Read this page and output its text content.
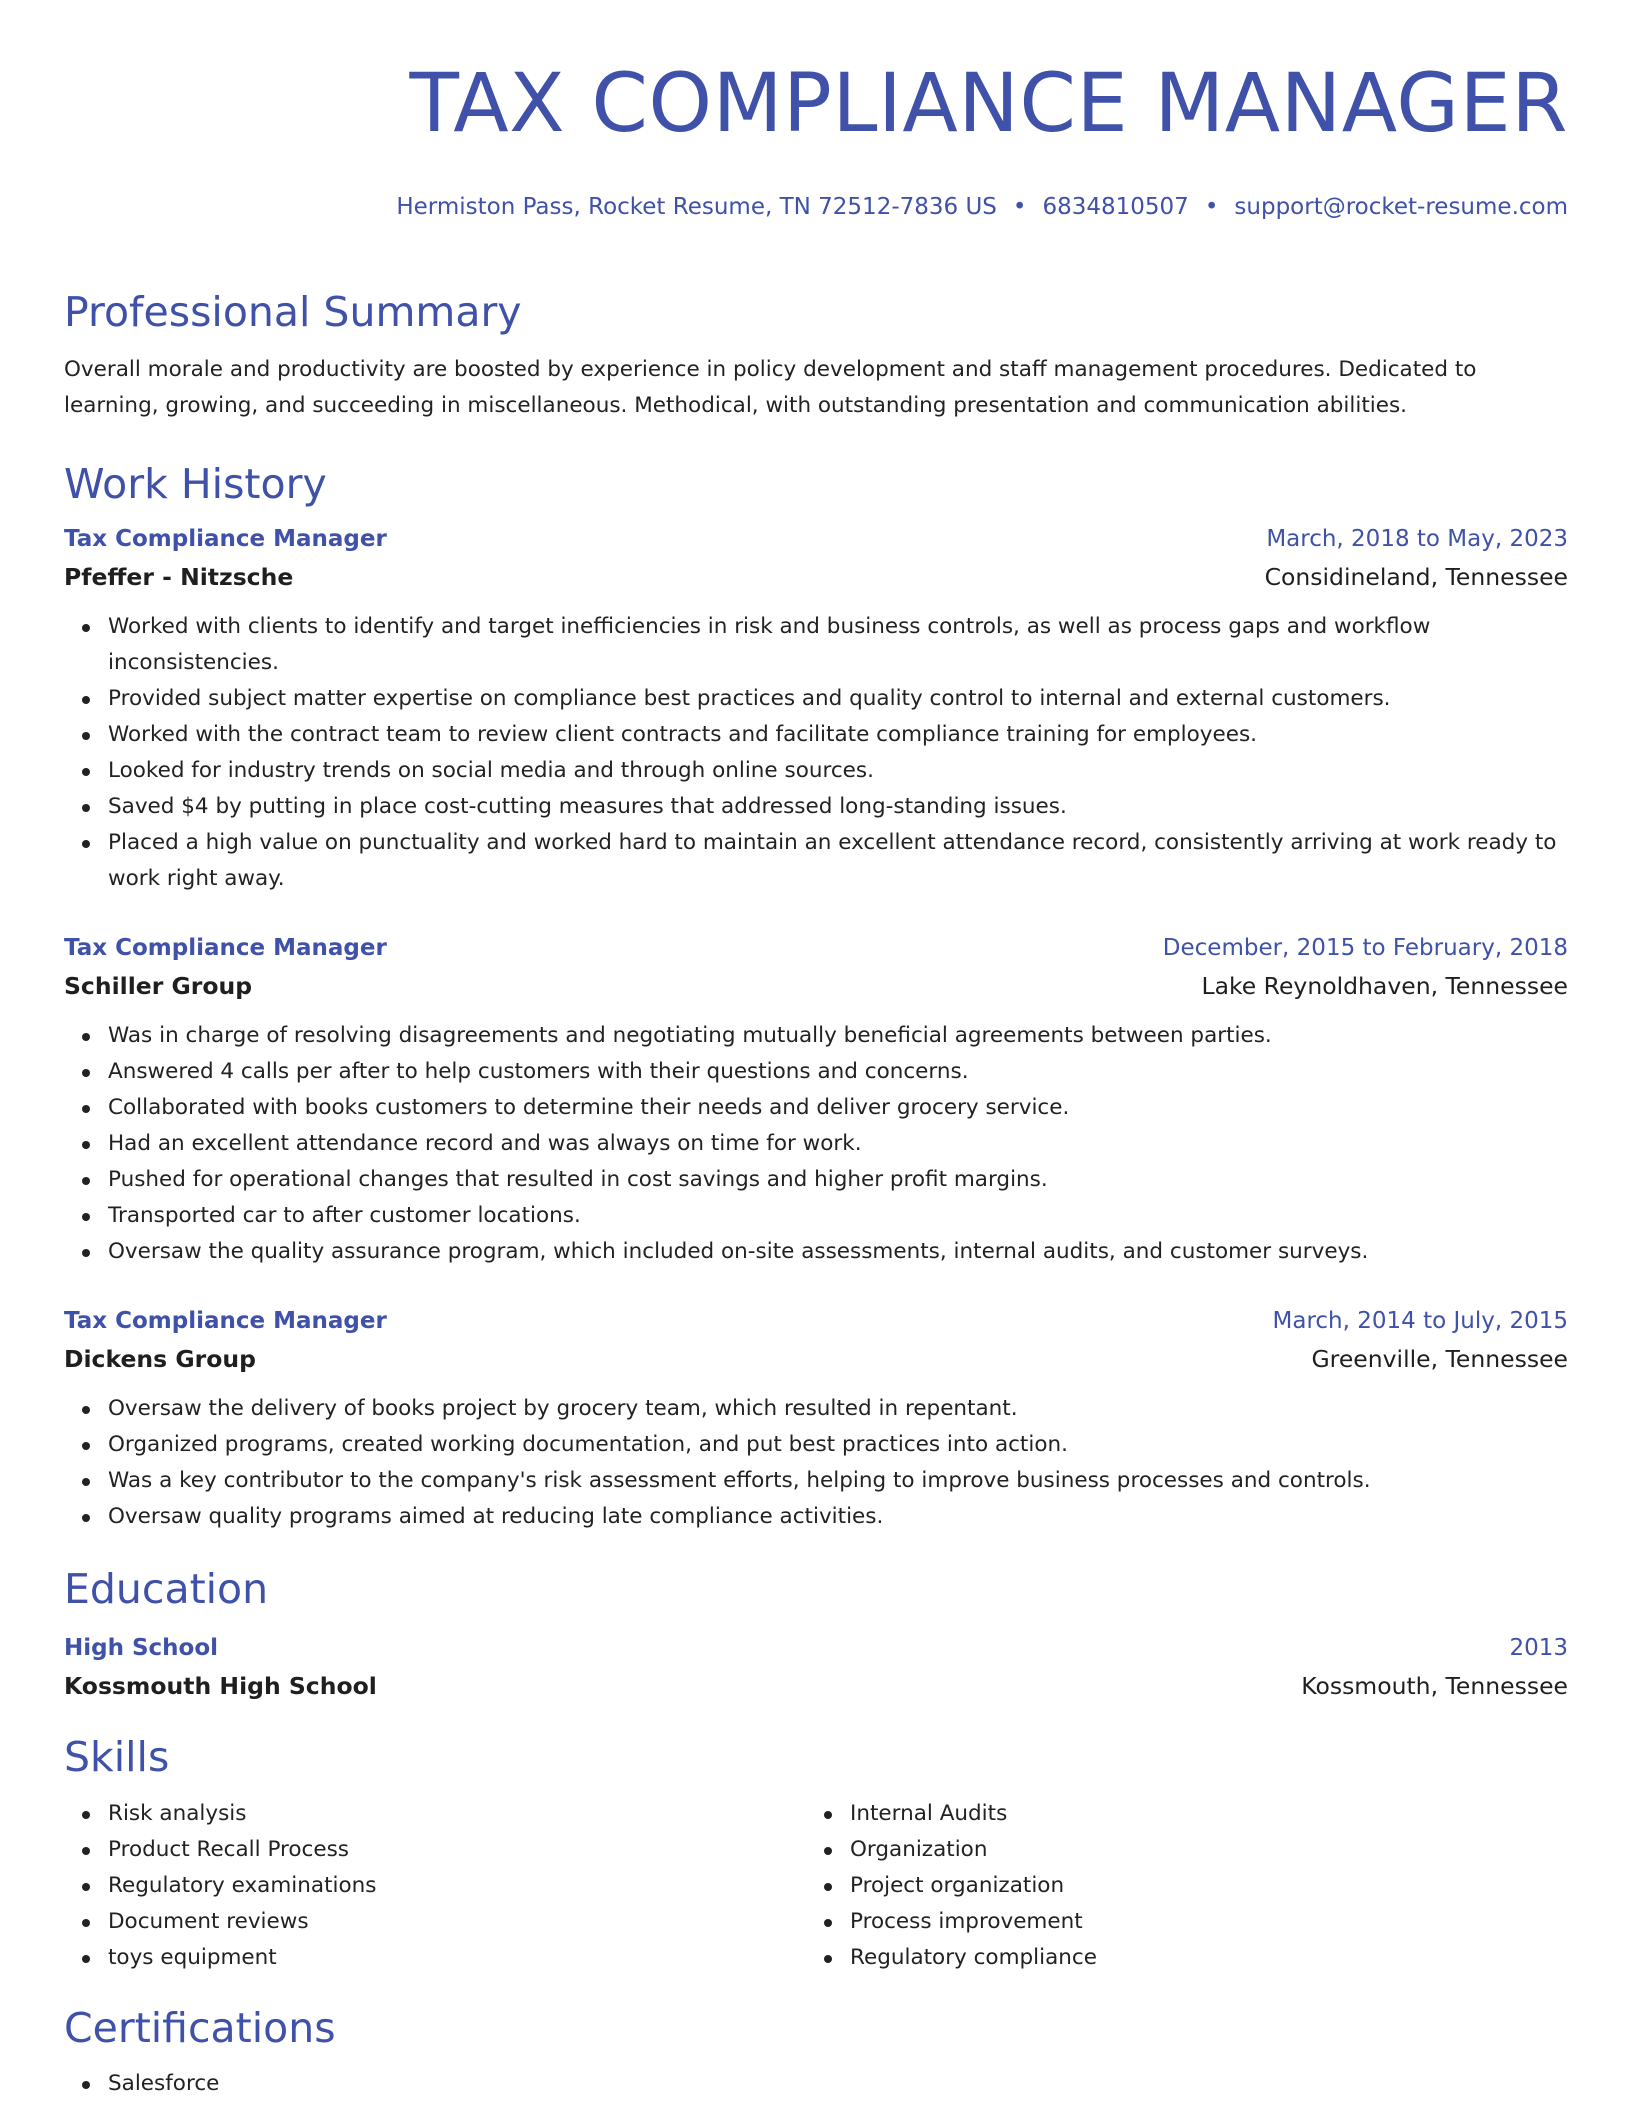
TAX COMPLIANCE MANAGER
Hermiston Pass, Rocket Resume, TN 72512-7836 US • 6834810507 • support@rocket-resume.com
Professional Summary
Overall morale and productivity are boosted by experience in policy development and staff management procedures. Dedicated to learning, growing, and succeeding in miscellaneous. Methodical, with outstanding presentation and communication abilities.
Work History
Tax Compliance Manager	March, 2018 to May, 2023
Pfeffer - Nitzsche	Considineland, Tennessee
Worked with clients to identify and target inefficiencies in risk and business controls, as well as process gaps and workflow inconsistencies.
Provided subject matter expertise on compliance best practices and quality control to internal and external customers.
Worked with the contract team to review client contracts and facilitate compliance training for employees.
Looked for industry trends on social media and through online sources.
Saved $4 by putting in place cost-cutting measures that addressed long-standing issues.
Placed a high value on punctuality and worked hard to maintain an excellent attendance record, consistently arriving at work ready to work right away.
Tax Compliance Manager	December, 2015 to February, 2018
Schiller Group	Lake Reynoldhaven, Tennessee
Was in charge of resolving disagreements and negotiating mutually beneficial agreements between parties.
Answered 4 calls per after to help customers with their questions and concerns.
Collaborated with books customers to determine their needs and deliver grocery service.
Had an excellent attendance record and was always on time for work.
Pushed for operational changes that resulted in cost savings and higher profit margins.
Transported car to after customer locations.
Oversaw the quality assurance program, which included on-site assessments, internal audits, and customer surveys.
Tax Compliance Manager	March, 2014 to July, 2015
Dickens Group	Greenville, Tennessee
Oversaw the delivery of books project by grocery team, which resulted in repentant.
Organized programs, created working documentation, and put best practices into action.
Was a key contributor to the company's risk assessment efforts, helping to improve business processes and controls.
Oversaw quality programs aimed at reducing late compliance activities.
Education
High School	2013
Kossmouth High School	Kossmouth, Tennessee
Skills
Risk analysis
Product Recall Process
Regulatory examinations
Document reviews
toys equipment
Internal Audits
Organization
Project organization
Process improvement
Regulatory compliance
Certifications
Salesforce
